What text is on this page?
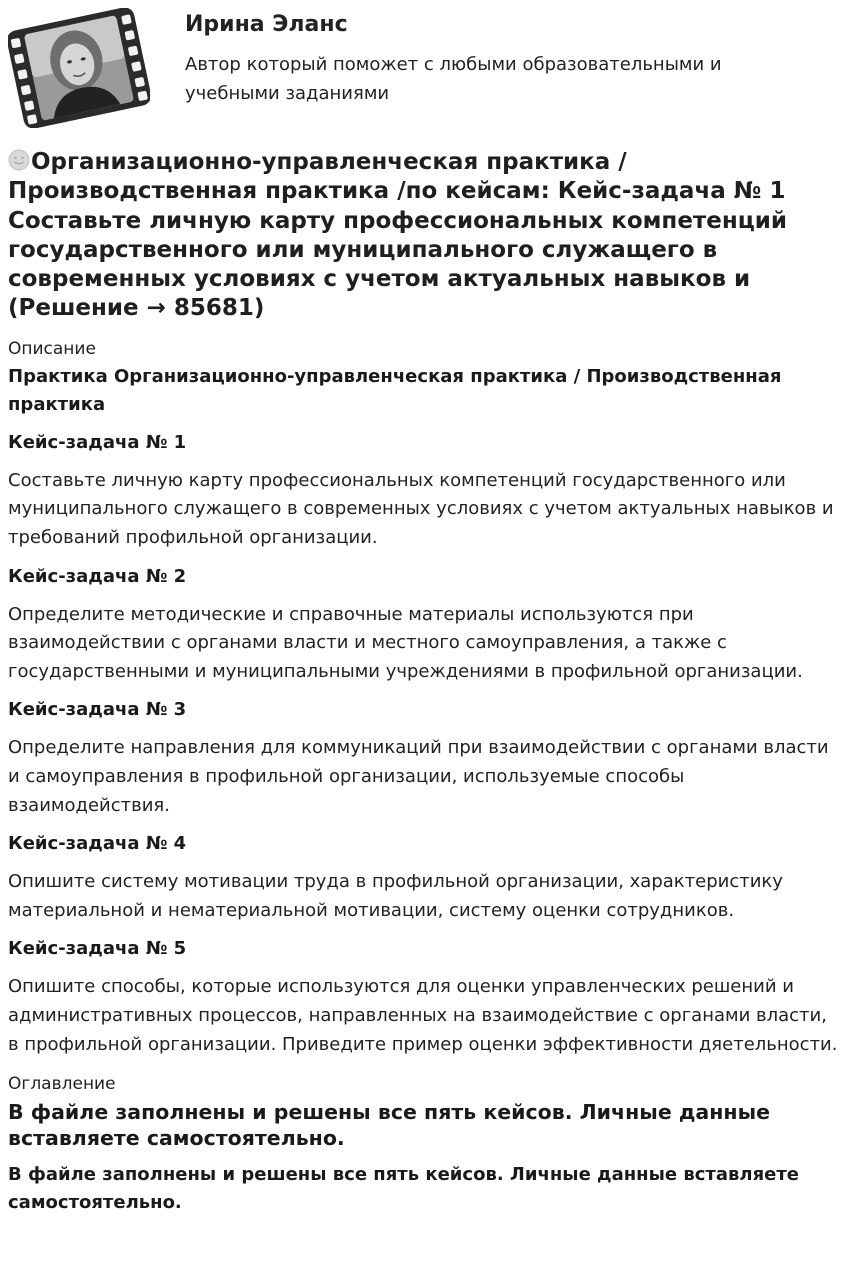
Ирина Эланс
Автор который поможет с любыми образовательными и учебными заданиями
Организационно-управленческая практика / Производственная практика /по кейсам: Кейс-задача № 1 Составьте личную карту профессиональных компетенций государственного или муниципального служащего в современных условиях с учетом актуальных навыков и (Решение → 85681)
Описание
Практика Организационно-управленческая практика / Производственная практика
Кейс-задача № 1
Составьте личную карту профессиональных компетенций государственного или муниципального служащего в современных условиях с учетом актуальных навыков и требований профильной организации.
Кейс-задача № 2
Определите методические и справочные материалы используются при взаимодействии с органами власти и местного самоуправления, а также с государственными и муниципальными учреждениями в профильной организации.
Кейс-задача № 3
Определите направления для коммуникаций при взаимодействии с органами власти и самоуправления в профильной организации, используемые способы взаимодействия.
Кейс-задача № 4
Опишите систему мотивации труда в профильной организации, характеристику материальной и нематериальной мотивации, систему оценки сотрудников.
Кейс-задача № 5
Опишите способы, которые используются для оценки управленческих решений и административных процессов, направленных на взаимодействие с органами власти, в профильной организации. Приведите пример оценки эффективности дяетельности.
Оглавление
В файле заполнены и решены все пять кейсов. Личные данные вставляете самостоятельно.
В файле заполнены и решены все пять кейсов. Личные данные вставляете самостоятельно.
